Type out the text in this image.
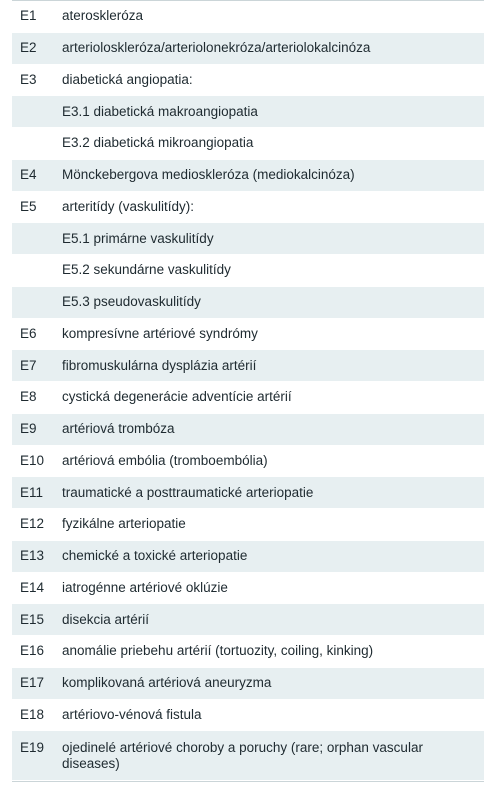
E1	ateroskleróza
E2	arterioloskleróza/arteriolonekróza/arteriolokalcinóza
E3	diabetická angiopatia:
E3.1 diabetická makroangiopatia
E3.2 diabetická mikroangiopatia
E4	Mönckebergova medioskleróza (mediokalcinóza)
E5	arteritídy (vaskulitídy):
E5.1 primárne vaskulitídy
E5.2 sekundárne vaskulitídy
E5.3 pseudovaskulitídy
E6	kompresívne artériové syndrómy
E7	fibromuskulárna dysplázia artérií
E8	cystická degenerácie adventície artérií
E9	artériová trombóza
E10	artériová embólia (tromboembólia)
E11	traumatické a posttraumatické arteriopatie
E12	fyzikálne arteriopatie
E13	chemické a toxické arteriopatie
E14	iatrogénne artériové oklúzie
E15	disekcia artérií
E16	anomálie priebehu artérií (tortuozity, coiling, kinking)
E17	komplikovaná artériová aneuryzma
E18	artériovo-vénová fistula
E19	ojedinelé artériové choroby a poruchy (rare; orphan vascular diseases)
